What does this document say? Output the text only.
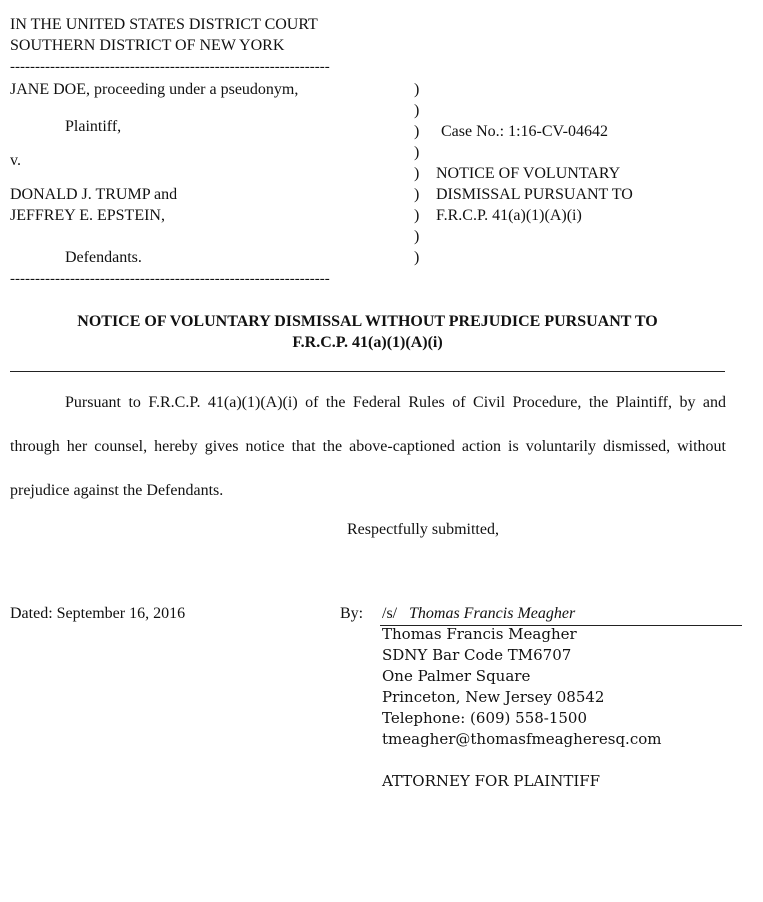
IN THE UNITED STATES DISTRICT COURT
SOUTHERN DISTRICT OF NEW YORK
----------------------------------------------------------------
JANE DOE, proceeding under a pseudonym,
Plaintiff,
v.
DONALD J. TRUMP and
JEFFREY E. EPSTEIN,
Defendants.
----------------------------------------------------------------
)
)
)
)
)
)
)
)
)
Case No.: 1:16-CV-04642
NOTICE OF VOLUNTARY
DISMISSAL PURSUANT TO
F.R.C.P. 41(a)(1)(A)(i)
NOTICE OF VOLUNTARY DISMISSAL WITHOUT PREJUDICE PURSUANT TO
F.R.C.P. 41(a)(1)(A)(i)
Pursuant to F.R.C.P. 41(a)(1)(A)(i) of the Federal Rules of Civil Procedure, the Plaintiff, by and through her counsel, hereby gives notice that the above-captioned action is voluntarily dismissed, without prejudice against the Defendants.
Respectfully submitted,
Dated: September 16, 2016	By: /s/ Thomas Francis Meagher
Thomas Francis Meagher
SDNY Bar Code TM6707
One Palmer Square
Princeton, New Jersey 08542
Telephone: (609) 558-1500
tmeagher@thomasfmeagheresq.com
ATTORNEY FOR PLAINTIFF
